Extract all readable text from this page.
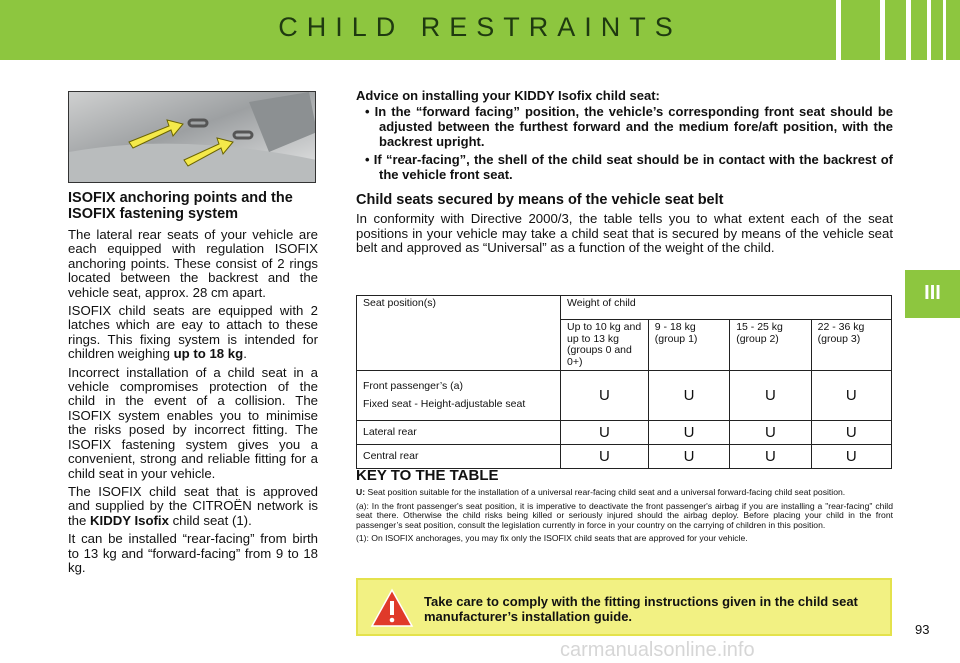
CHILD RESTRAINTS
III
ISOFIX anchoring points and the ISOFIX fastening system

The lateral rear seats of your vehicle are each equipped with regulation ISOFIX anchoring points. These consist of 2 rings located between the backrest and the vehicle seat, approx. 28 cm apart.

ISOFIX child seats are equipped with 2 latches which are eay to attach to these rings. This fixing system is intended for children weighing up to 18 kg.

Incorrect installation of a child seat in a vehicle compromises protection of the child in the event of a collision. The ISOFIX system enables you to minimise the risks posed by incorrect fitting. The ISOFIX fastening system gives you a convenient, strong and reliable fitting for a child seat in your vehicle.

The ISOFIX child seat that is approved and supplied by the CITROËN network is the KIDDY Isofix child seat (1).

It can be installed “rear-facing” from birth to 13 kg and “forward-facing” from 9 to 18 kg.

Advice on installing your KIDDY Isofix child seat:
• In the “forward facing” position, the vehicle’s corresponding front seat should be adjusted between the furthest forward and the medium fore/aft position, with the backrest upright.
• If “rear-facing”, the shell of the child seat should be in contact with the backrest of the vehicle front seat.
Child seats secured by means of the vehicle seat belt

In conformity with Directive 2000/3, the table tells you to what extent each of the seat positions in your vehicle may take a child seat that is secured by means of the vehicle seat belt and approved as “Universal” as a function of the weight of the child.

Seat position(s)	Weight of child			
	Up to 10 kg and up to 13 kg (groups 0 and 0+)	9 - 18 kg (group 1)	15 - 25 kg (group 2)	22 - 36 kg (group 3)

Front passenger’s (a)
Fixed seat - Height-adjustable seat	U	U	U	U
Lateral rear	U	U	U	U
Central rear	U	U	U	U
KEY TO THE TABLE

U: Seat position suitable for the installation of a universal rear-facing child seat and a universal forward-facing child seat position.

(a): In the front passenger's seat position, it is imperative to deactivate the front passenger's airbag if you are installing a "rear-facing" child seat there. Otherwise the child risks being killed or seriously injured should the airbag deploy. Before placing your child in the front passenger’s seat position, consult the legislation currently in force in your country on the carrying of children in this position.

(1): On ISOFIX anchorages, you may fix only the ISOFIX child seats that are approved for your vehicle.

Take care to comply with the fitting instructions given in the child seat manufacturer’s installation guide.
93
carmanualsonline.info
